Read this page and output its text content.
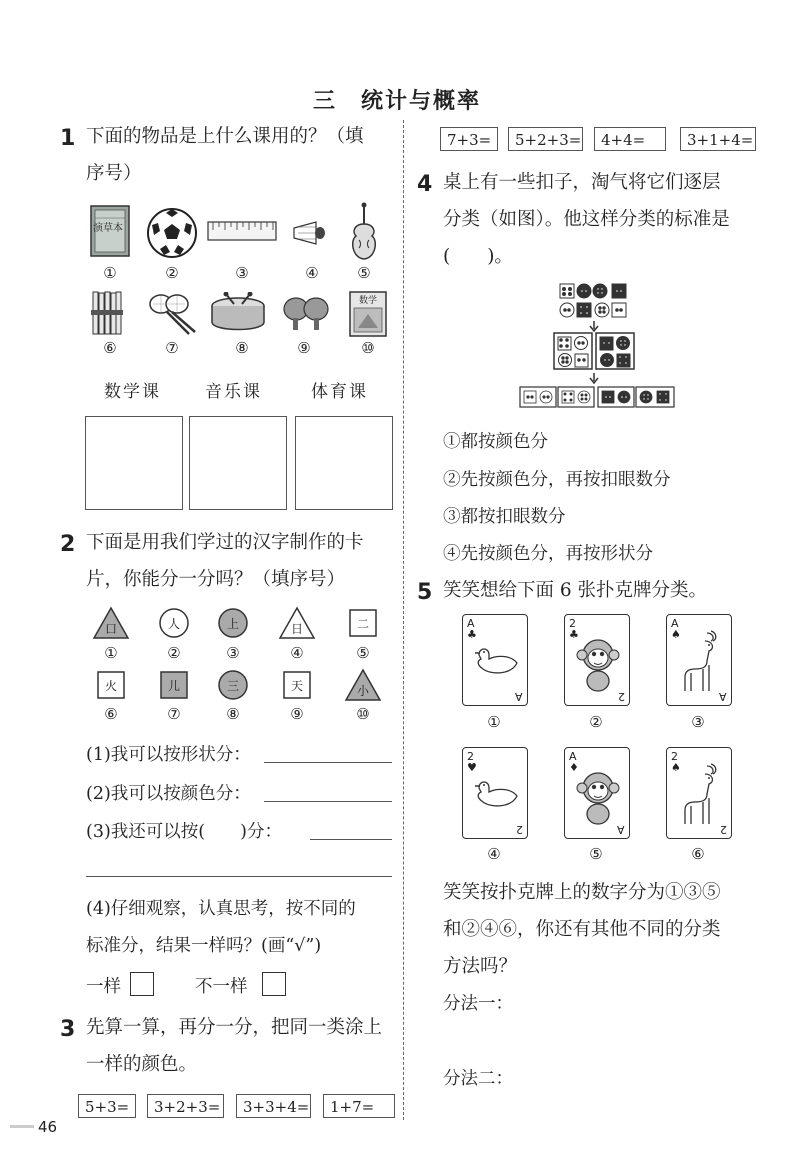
三　统计与概率
1 下面的物品是上什么课用的？（填
序号）
演草本
①	②	③	④	⑤
数学
⑥	⑦	⑧	⑨	⑩
数学课	音乐课	体育课
2 下面是用我们学过的汉字制作的卡
片，你能分一分吗？（填序号）
口	人	上	日	二
①	②	③	④	⑤
火	儿	三	天	小
⑥	⑦	⑧	⑨	⑩
(1)我可以按形状分：
(2)我可以按颜色分：
(3)我还可以按(　　)分：
(4)仔细观察，认真思考，按不同的
标准分，结果一样吗？(画“√”)
一样	不一样
3 先算一算，再分一分，把同一类涂上
一样的颜色。
5+3=	3+2+3=	3+3+4=	1+7=
7+3=	5+2+3=	4+4=	3+1+4=
4 桌上有一些扣子，淘气将它们逐层
分类（如图）。他这样分类的标准是
(　　)。
①都按颜色分
②先按颜色分，再按扣眼数分
③都按扣眼数分
④先按颜色分，再按形状分
5 笑笑想给下面 6 张扑克牌分类。
A
♣
A
2
♣
2
A
♠
A
①	②	③
2
♥
2
A
♦
A
2
♠
2
④	⑤	⑥
笑笑按扑克牌上的数字分为①③⑤
和②④⑥，你还有其他不同的分类
方法吗？
分法一：
分法二：
46
